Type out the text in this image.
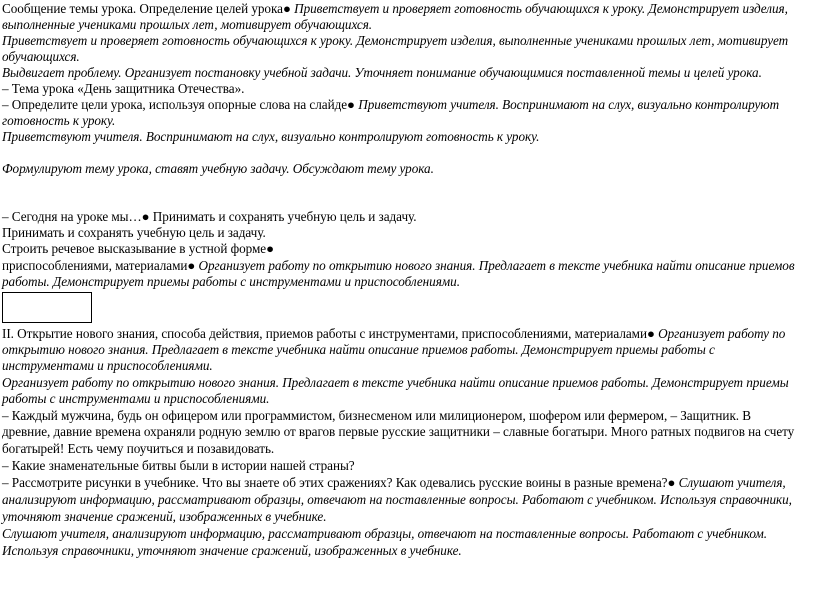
Сообщение темы урока. Определение целей урока● Приветствует и проверяет готовность обучающихся к уроку. Демонстрирует изделия,
выполненные учениками прошлых лет, мотивирует обучающихся.
Приветствует и проверяет готовность обучающихся к уроку. Демонстрирует изделия, выполненные учениками прошлых лет, мотивирует
обучающихся.
Выдвигает проблему. Организует постановку учебной задачи. Уточняет понимание обучающимися поставленной темы и целей урока.
– Тема урока «День защитника Отечества».
– Определите цели урока, используя опорные слова на слайде● Приветствуют учителя. Воспринимают на слух, визуально контролируют
готовность к уроку.
Приветствуют учителя. Воспринимают на слух, визуально контролируют готовность к уроку.
Формулируют тему урока, ставят учебную задачу. Обсуждают тему урока.
– Сегодня на уроке мы…● Принимать и сохранять учебную цель и задачу.
Принимать и сохранять учебную цель и задачу.
Строить речевое высказывание в устной форме●
приспособлениями, материалами● Организует работу по открытию нового знания. Предлагает в тексте учебника найти описание приемов
работы. Демонстрирует приемы работы с инструментами и приспособлениями.
II. Открытие нового знания, способа действия, приемов работы с инструментами, приспособлениями, материалами● Организует работу по
открытию нового знания. Предлагает в тексте учебника найти описание приемов работы. Демонстрирует приемы работы с
инструментами и приспособлениями.
Организует работу по открытию нового знания. Предлагает в тексте учебника найти описание приемов работы. Демонстрирует приемы
работы с инструментами и приспособлениями.
– Каждый мужчина, будь он офицером или программистом, бизнесменом или милиционером, шофером или фермером, – Защитник. В
древние, давние времена охраняли родную землю от врагов первые русские защитники – славные богатыри. Много ратных подвигов на счету
богатырей! Есть чему поучиться и позавидовать.
– Какие знаменательные битвы были в истории нашей страны?
– Рассмотрите рисунки в учебнике. Что вы знаете об этих сражениях? Как одевались русские воины в разные времена?● Слушают учителя,
анализируют информацию, рассматривают образцы, отвечают на поставленные вопросы. Работают с учебником. Используя справочники,
уточняют значение сражений, изображенных в учебнике.
Слушают учителя, анализируют информацию, рассматривают образцы, отвечают на поставленные вопросы. Работают с учебником.
Используя справочники, уточняют значение сражений, изображенных в учебнике.
